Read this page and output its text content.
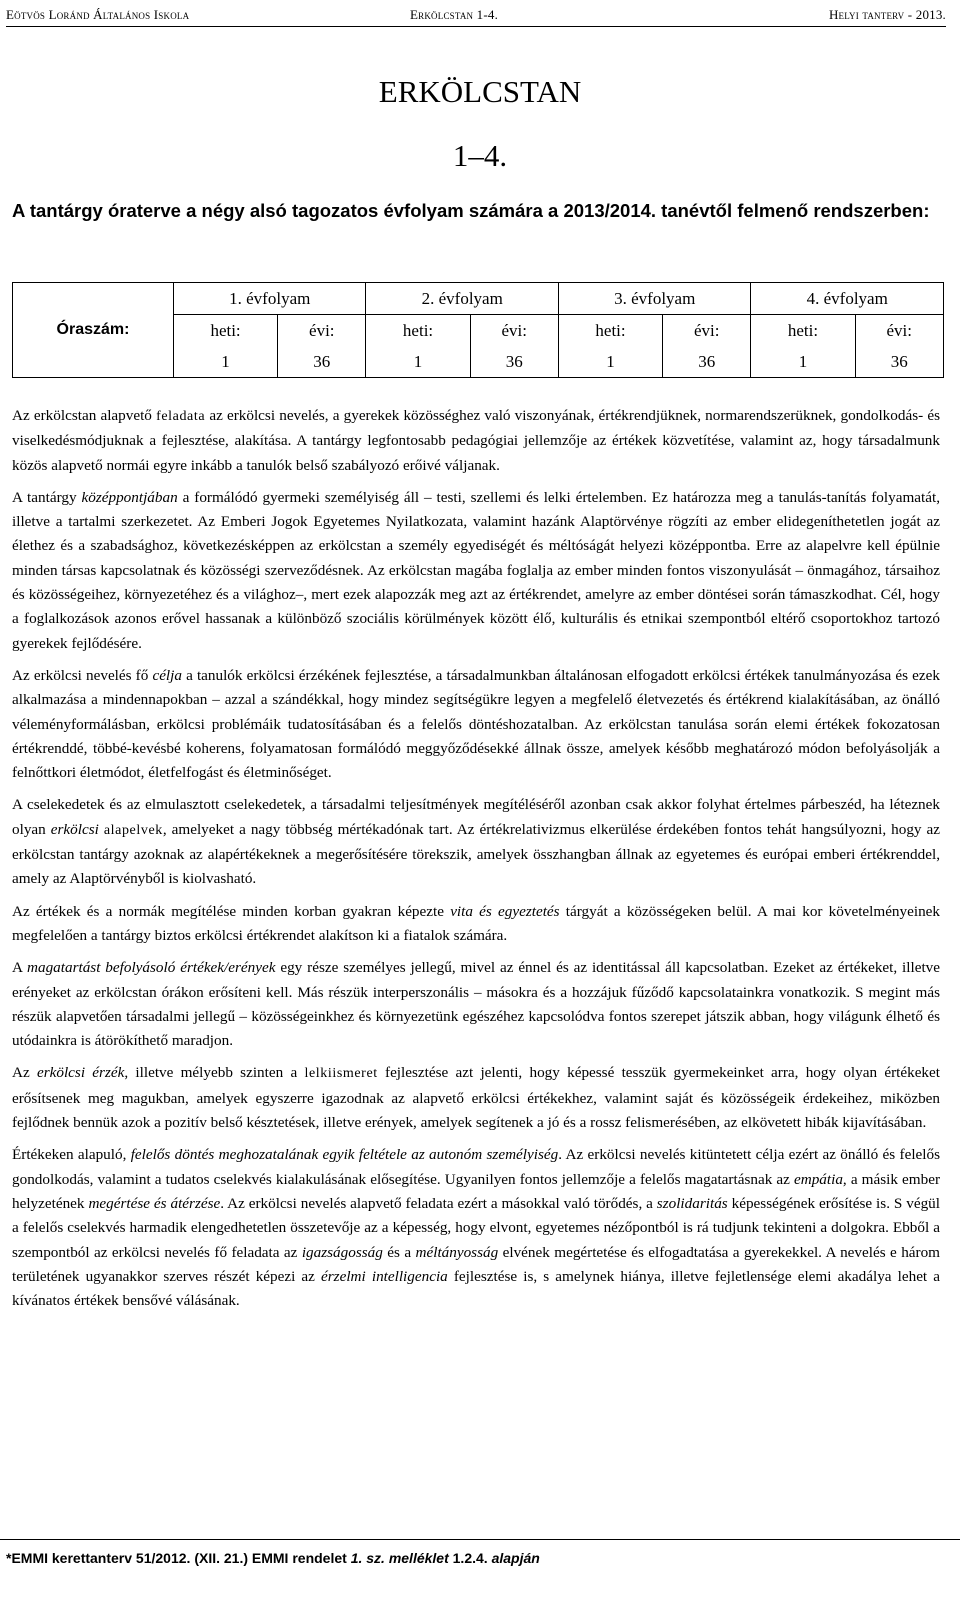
Eötvös Loránd Általános Iskola	Erkölcstan 1-4.	Helyi tanterv - 2013.
ERKÖLCSTAN
1–4.
A tantárgy óraterve a négy alsó tagozatos évfolyam számára a 2013/2014. tanévtől felmenő rendszerben:
Óraszám:	1. évfolyam		2. évfolyam		3. évfolyam		4. évfolyam	
	heti:	évi:	heti:	évi:	heti:	évi:	heti:	évi:
	1	36	1	36	1	36	1	36

Az erkölcstan alapvető feladata az erkölcsi nevelés, a gyerekek közösséghez való viszonyának, értékrendjüknek, normarendszerüknek, gondolkodás- és viselkedésmódjuknak a fejlesztése, alakítása. A tantárgy legfontosabb pedagógiai jellemzője az értékek közvetítése, valamint az, hogy társadalmunk közös alapvető normái egyre inkább a tanulók belső szabályozó erőivé váljanak.

A tantárgy középpontjában a formálódó gyermeki személyiség áll – testi, szellemi és lelki értelemben. Ez határozza meg a tanulás-tanítás folyamatát, illetve a tartalmi szerkezetet. Az Emberi Jogok Egyetemes Nyilatkozata, valamint hazánk Alaptörvénye rögzíti az ember elidegeníthetetlen jogát az élethez és a szabadsághoz, következésképpen az erkölcstan a személy egyediségét és méltóságát helyezi középpontba. Erre az alapelvre kell épülnie minden társas kapcsolatnak és közösségi szerveződésnek. Az erkölcstan magába foglalja az ember minden fontos viszonyulását – önmagához, társaihoz és közösségeihez, környezetéhez és a világhoz–, mert ezek alapozzák meg azt az értékrendet, amelyre az ember döntései során támaszkodhat. Cél, hogy a foglalkozások azonos erővel hassanak a különböző szociális körülmények között élő, kulturális és etnikai szempontból eltérő csoportokhoz tartozó gyerekek fejlődésére.

Az erkölcsi nevelés fő célja a tanulók erkölcsi érzékének fejlesztése, a társadalmunkban általánosan elfogadott erkölcsi értékek tanulmányozása és ezek alkalmazása a mindennapokban – azzal a szándékkal, hogy mindez segítségükre legyen a megfelelő életvezetés és értékrend kialakításában, az önálló véleményformálásban, erkölcsi problémáik tudatosításában és a felelős döntéshozatalban. Az erkölcstan tanulása során elemi értékek fokozatosan értékrenddé, többé-kevésbé koherens, folyamatosan formálódó meggyőződésekké állnak össze, amelyek később meghatározó módon befolyásolják a felnőttkori életmódot, életfelfogást és életminőséget.

A cselekedetek és az elmulasztott cselekedetek, a társadalmi teljesítmények megítéléséről azonban csak akkor folyhat értelmes párbeszéd, ha léteznek olyan erkölcsi alapelvek, amelyeket a nagy többség mértékadónak tart. Az értékrelativizmus elkerülése érdekében fontos tehát hangsúlyozni, hogy az erkölcstan tantárgy azoknak az alapértékeknek a megerősítésére törekszik, amelyek összhangban állnak az egyetemes és európai emberi értékrenddel, amely az Alaptörvényből is kiolvasható.

Az értékek és a normák megítélése minden korban gyakran képezte vita és egyeztetés tárgyát a közösségeken belül. A mai kor követelményeinek megfelelően a tantárgy biztos erkölcsi értékrendet alakítson ki a fiatalok számára.

A magatartást befolyásoló értékek/erények egy része személyes jellegű, mivel az énnel és az identitással áll kapcsolatban. Ezeket az értékeket, illetve erényeket az erkölcstan órákon erősíteni kell. Más részük interperszonális – másokra és a hozzájuk fűződő kapcsolatainkra vonatkozik. S megint más részük alapvetően társadalmi jellegű – közösségeinkhez és környezetünk egészéhez kapcsolódva fontos szerepet játszik abban, hogy világunk élhető és utódainkra is átörökíthető maradjon.

Az erkölcsi érzék, illetve mélyebb szinten a lelkiismeret fejlesztése azt jelenti, hogy képessé tesszük gyermekeinket arra, hogy olyan értékeket erősítsenek meg magukban, amelyek egyszerre igazodnak az alapvető erkölcsi értékekhez, valamint saját és közösségeik érdekeihez, miközben fejlődnek bennük azok a pozitív belső késztetések, illetve erények, amelyek segítenek a jó és a rossz felismerésében, az elkövetett hibák kijavításában.

Értékeken alapuló, felelős döntés meghozatalának egyik feltétele az autonóm személyiség. Az erkölcsi nevelés kitüntetett célja ezért az önálló és felelős gondolkodás, valamint a tudatos cselekvés kialakulásának elősegítése. Ugyanilyen fontos jellemzője a felelős magatartásnak az empátia, a másik ember helyzetének megértése és átérzése. Az erkölcsi nevelés alapvető feladata ezért a másokkal való törődés, a szolidaritás képességének erősítése is. S végül a felelős cselekvés harmadik elengedhetetlen összetevője az a képesség, hogy elvont, egyetemes nézőpontból is rá tudjunk tekinteni a dolgokra. Ebből a szempontból az erkölcsi nevelés fő feladata az igazságosság és a méltányosság elvének megértetése és elfogadtatása a gyerekekkel. A nevelés e három területének ugyanakkor szerves részét képezi az érzelmi intelligencia fejlesztése is, s amelynek hiánya, illetve fejletlensége elemi akadálya lehet a kívánatos értékek bensővé válásának.

*EMMI kerettanterv 51/2012. (XII. 21.) EMMI rendelet 1. sz. melléklet 1.2.4. alapján
